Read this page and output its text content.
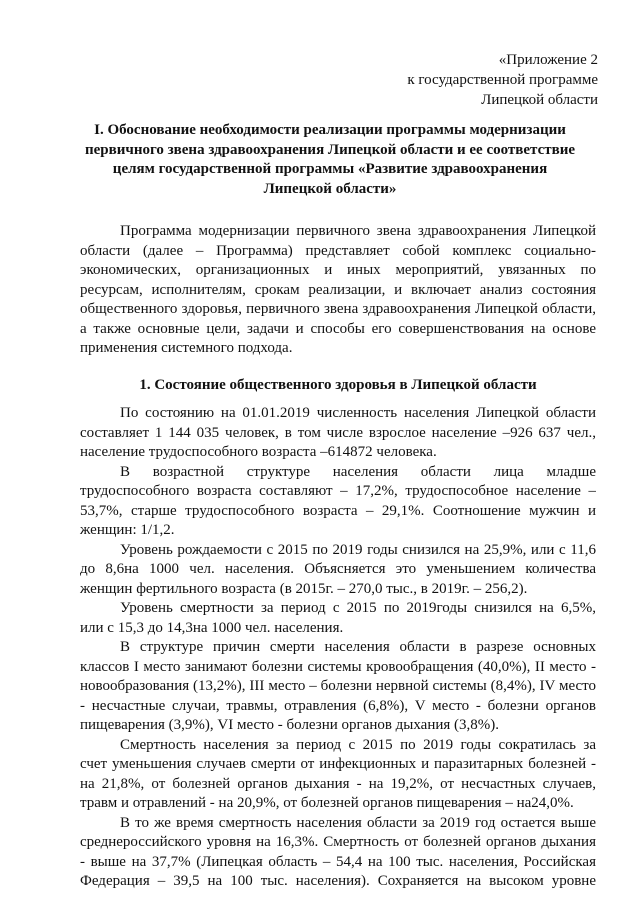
«Приложение 2
к государственной программе
Липецкой области
I. Обоснование необходимости реализации программы модернизации
первичного звена здравоохранения Липецкой области и ее соответствие
целям государственной программы «Развитие здравоохранения
Липецкой области»
Программа модернизации первичного звена здравоохранения Липецкой
области (далее – Программа) представляет собой комплекс социально-
экономических, организационных и иных мероприятий, увязанных по
ресурсам, исполнителям, срокам реализации, и включает анализ состояния
общественного здоровья, первичного звена здравоохранения Липецкой области,
а также основные цели, задачи и способы его совершенствования на основе
применения системного подхода.
1. Состояние общественного здоровья в Липецкой области
По состоянию на 01.01.2019 численность населения Липецкой области
составляет 1 144 035 человек, в том числе взрослое население –926 637 чел.,
население трудоспособного возраста –614872 человека.
В возрастной структуре населения области лица младше
трудоспособного возраста составляют – 17,2%, трудоспособное население –
53,7%, старше трудоспособного возраста – 29,1%. Соотношение мужчин и
женщин: 1/1,2.
Уровень рождаемости с 2015 по 2019 годы снизился на 25,9%, или с 11,6
до 8,6на 1000 чел. населения. Объясняется это уменьшением количества
женщин фертильного возраста (в 2015г. – 270,0 тыс., в 2019г. – 256,2).
Уровень смертности за период с 2015 по 2019годы снизился на 6,5%,
или с 15,3 до 14,3на 1000 чел. населения.
В структуре причин смерти населения области в разрезе основных
классов I место занимают болезни системы кровообращения (40,0%), II место -
новообразования (13,2%), III место – болезни нервной системы (8,4%), IV место
- несчастные случаи, травмы, отравления (6,8%), V место - болезни органов
пищеварения (3,9%), VI место - болезни органов дыхания (3,8%).
Смертность населения за период с 2015 по 2019 годы сократилась за
счет уменьшения случаев смерти от инфекционных и паразитарных болезней -
на 21,8%, от болезней органов дыхания - на 19,2%, от несчастных случаев,
травм и отравлений - на 20,9%, от болезней органов пищеварения – на24,0%.
В то же время смертность населения области за 2019 год остается выше
среднероссийского уровня на 16,3%. Смертность от болезней органов дыхания
- выше на 37,7% (Липецкая область – 54,4 на 100 тыс. населения, Российская
Федерация – 39,5 на 100 тыс. населения). Сохраняется на высоком уровне
